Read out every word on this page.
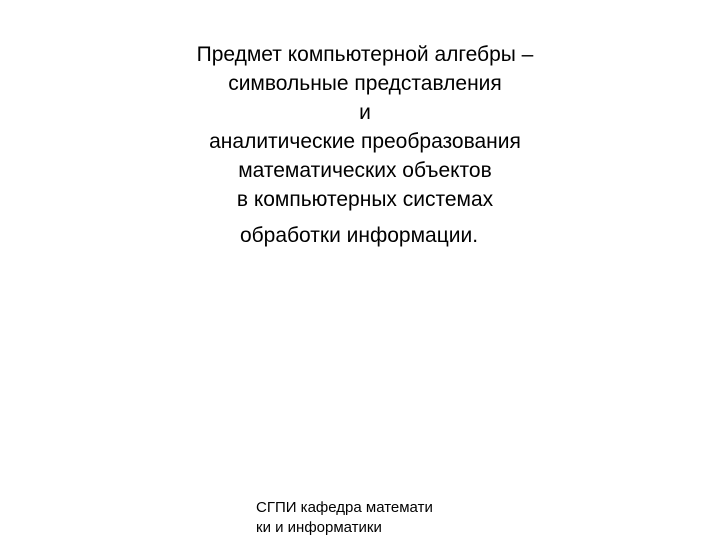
Предмет компьютерной алгебры –
символьные представления
и
аналитические преобразования
математических объектов
в компьютерных системах
обработки информации.
СГПИ кафедра математи
ки и информатики
